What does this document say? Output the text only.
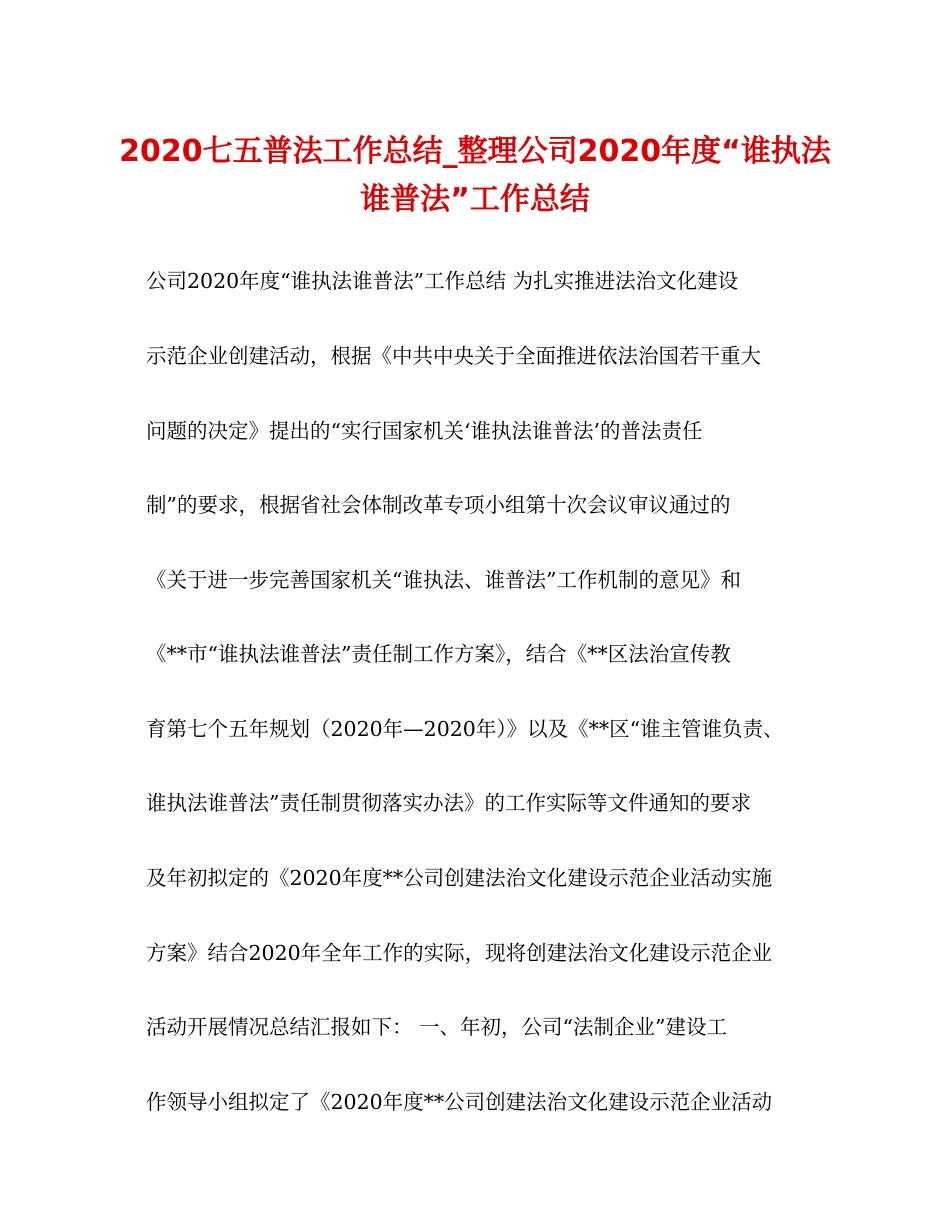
2020七五普法工作总结_整理公司2020年度“谁执法
谁普法”工作总结
公司2020年度“谁执法谁普法”工作总结 为扎实推进法治文化建设
示范企业创建活动，根据《中共中央关于全面推进依法治国若干重大
问题的决定》提出的“实行国家机关‘谁执法谁普法’的普法责任
制”的要求，根据省社会体制改革专项小组第十次会议审议通过的
《关于进一步完善国家机关“谁执法、谁普法”工作机制的意见》和
《**市“谁执法谁普法”责任制工作方案》，结合《**区法治宣传教
育第七个五年规划（2020年—2020年）》以及《**区“谁主管谁负责、
谁执法谁普法”责任制贯彻落实办法》的工作实际等文件通知的要求
及年初拟定的《2020年度**公司创建法治文化建设示范企业活动实施
方案》结合2020年全年工作的实际，现将创建法治文化建设示范企业
活动开展情况总结汇报如下： 一、年初，公司“法制企业”建设工
作领导小组拟定了《2020年度**公司创建法治文化建设示范企业活动
